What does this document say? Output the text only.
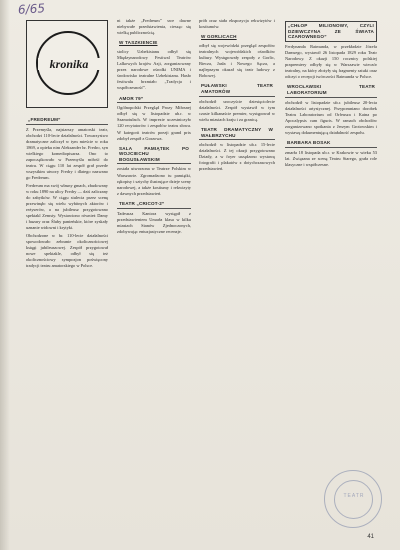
6/65
kronika
„FREDREUM”

Z Przemyśla, najstarszy amatorski teatr, obchodzi 110-lecie działalności. Towarzystwo dramatyczne zaliczył w tym mieście w roku 1869, a opieku nim Aleksander hr. Fredro, syn wielkiego komediopisarza. Ono to zapoczątkowało w Przemyślu miłość do teatru. W ciągu 110 lat zespół grał przede wszystkim utwory Fredry i dlatego nazwano go Fredreum.

Fredreum ma swój własny gmach, zbudowany w roku 1890 na ulicy Fredry — dziś zaliczany do zabytków. W ciągu stulecia przez scenę przewinęło się wielu wybitnych aktorów i reżyserów, a na jubileusz przygotowano spektakl Zemsty. Wystawiono również Damy i huzary oraz Śluby panieńskie, które zyskały uznanie widowni i krytyki.

Obchodzone w br. 110-lecie działalności spowodowało zebranie okolicznościowej księgi jubileuszowej. Zespół przygotował nowe spektakle, odbył się też okolicznościowy sympozjon poświęcony tradycji teatru amatorskiego w Polsce.

ni także „Fredreum” swe dawne niebywałe przedstawienia, ciesząc się wielką publicznością.

W TASZKIENCIE

stolicy Uzbekistanu odbył się Międzynarodowy Festiwal Teatrów Lalkowych krajów Azji, zorganizowany przez narodowe ośrodki UNIMA i środowisko teatralne Uzbekistanu. Hasło festiwalu brzmiało „Tradycja i współczesność”.

AMOR 79”

Ogólnopolski Przegląd Prozy Miłosnej odbył się w listopadzie ub.r. w Szamotułach. W imprezie uczestniczyło 120 recytatorów i zespołów teatru słowa. W kategorii teatrów poezji grand prix zdobył zespół z Gorzowa.

SALA PAMIĄTEK PO WOJCIECHU BOGUSŁAWSKIM

została utworzona w Teatrze Polskim w Warszawie. Zgromadzono tu pamiątki, rękopisy i sztychy ilustrujące dzieje sceny narodowej, a także kostiumy i rekwizyty z dawnych przedstawień.

TEATR „CRICOT-2”

Tadeusza Kantora wystąpił z przedstawieniem Umarła klasa w kilku miastach Stanów Zjednoczonych, zdobywając entuzjastyczne recenzje.

prób oraz stała ekspozycja rekwizytów i kostiumów.

W GORLICACH

odbył się wojewódzki przegląd zespołów teatralnych wojewódzkich ośrodków kultury. Występowały zespoły z Gorlic, Biecza, Jasła i Nowego Sącza, a najlepszym okazał się teatr ludowy z Bobowej.

PUŁAWSKI TEATR AMATORÓW

obchodził uroczyście dziesięciolecie działalności. Zespół wystawił w tym czasie kilkanaście premier, występował w wielu miastach kraju i za granicą.

TEATR DRAMATYCZNY W WAŁBRZYCHU

obchodził w listopadzie ub.r. 15-lecie działalności. Z tej okazji przygotowano Dziady, a w foyer urządzono wystawę fotografii i plakatów z dotychczasowych przedstawień.

„CHŁOP MILIONOWY, CZYLI DZIEWCZYNA ZE ŚWIATA CZAROWNEGO”

Ferdynanda Raimunda, w przekładzie Józefa Damsego, wystawił 26 listopada 1829 roku Teatr Narodowy. Z okazji 150 rocznicy polskiej prapremiery odbyły się w Warszawie wieczór teatralny, na który złożyły się fragmenty sztuki oraz odczyt o recepcji twórczości Raimunda w Polsce.

WROCŁAWSKI TEATR LABORATORIUM

obchodził w listopadzie ub.r. jubileusz 20-lecia działalności artystycznej. Przypomniano dorobek Teatru Laboratorium od Orfeusza i Kaina po Apocalypsis cum figuris. W ramach obchodów zorganizowano spotkania z Jerzym Grotowskim i wystawę dokumentującą działalność zespołu.

BARBARA BOSAK

zmarła 18 listopada ub.r. w Krakowie w wieku 53 lat. Związana ze sceną Teatru Starego, grała role klasyczne i współczesne.

TEATR
41
